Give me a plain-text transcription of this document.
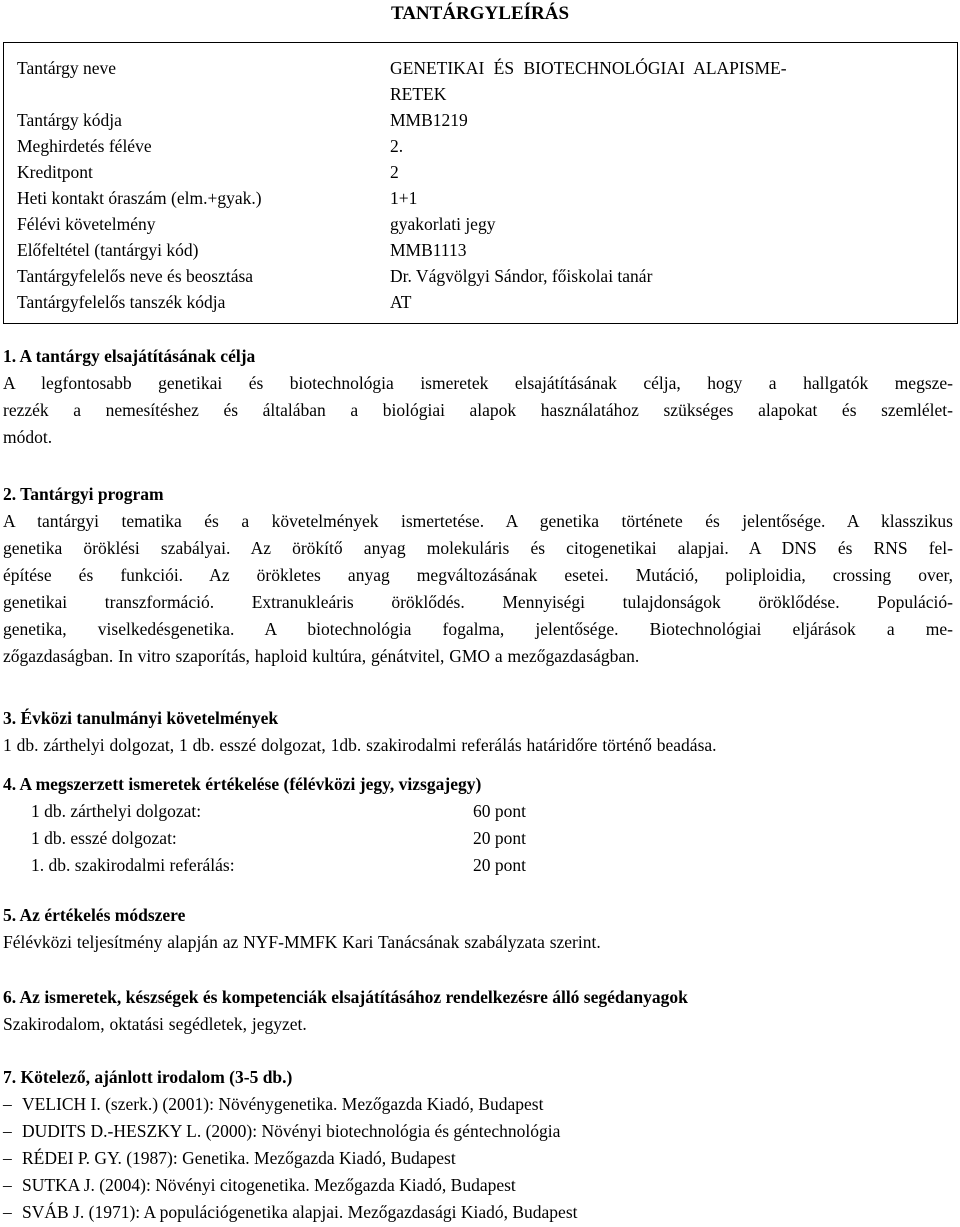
TANTÁRGYLEÍRÁS
Tantárgy neve	GENETIKAI ÉS BIOTECHNOLÓGIAI ALAPISME-
RETEK
Tantárgy kódja	MMB1219
Meghirdetés féléve	2.
Kreditpont	2
Heti kontakt óraszám (elm.+gyak.)	1+1
Félévi követelmény	gyakorlati jegy
Előfeltétel (tantárgyi kód)	MMB1113
Tantárgyfelelős neve és beosztása	Dr. Vágvölgyi Sándor, főiskolai tanár
Tantárgyfelelős tanszék kódja	AT
1. A tantárgy elsajátításának célja
A legfontosabb genetikai és biotechnológia ismeretek elsajátításának célja, hogy a hallgatók megsze-
rezzék a nemesítéshez és általában a biológiai alapok használatához szükséges alapokat és szemlélet-
módot.
2. Tantárgyi program
A tantárgyi tematika és a követelmények ismertetése. A genetika története és jelentősége. A klasszikus
genetika öröklési szabályai. Az örökítő anyag molekuláris és citogenetikai alapjai. A DNS és RNS fel-
építése és funkciói. Az örökletes anyag megváltozásának esetei. Mutáció, poliploidia, crossing over,
genetikai transzformáció. Extranukleáris öröklődés. Mennyiségi tulajdonságok öröklődése. Populáció-
genetika, viselkedésgenetika. A biotechnológia fogalma, jelentősége. Biotechnológiai eljárások a me-
zőgazdaságban. In vitro szaporítás, haploid kultúra, génátvitel, GMO a mezőgazdaságban.
3. Évközi tanulmányi követelmények
1 db. zárthelyi dolgozat, 1 db. esszé dolgozat, 1db. szakirodalmi referálás határidőre történő beadása.
4. A megszerzett ismeretek értékelése (félévközi jegy, vizsgajegy)
1 db. zárthelyi dolgozat:	60 pont
1 db. esszé dolgozat:	20 pont
1. db. szakirodalmi referálás:	20 pont
5. Az értékelés módszere
Félévközi teljesítmény alapján az NYF-MMFK Kari Tanácsának szabályzata szerint.
6. Az ismeretek, készségek és kompetenciák elsajátításához rendelkezésre álló segédanyagok
Szakirodalom, oktatási segédletek, jegyzet.
7. Kötelező, ajánlott irodalom (3-5 db.)
– VELICH I. (szerk.) (2001): Növénygenetika. Mezőgazda Kiadó, Budapest
– DUDITS D.-HESZKY L. (2000): Növényi biotechnológia és géntechnológia
– RÉDEI P. GY. (1987): Genetika. Mezőgazda Kiadó, Budapest
– SUTKA J. (2004): Növényi citogenetika. Mezőgazda Kiadó, Budapest
– SVÁB J. (1971): A populációgenetika alapjai. Mezőgazdasági Kiadó, Budapest
